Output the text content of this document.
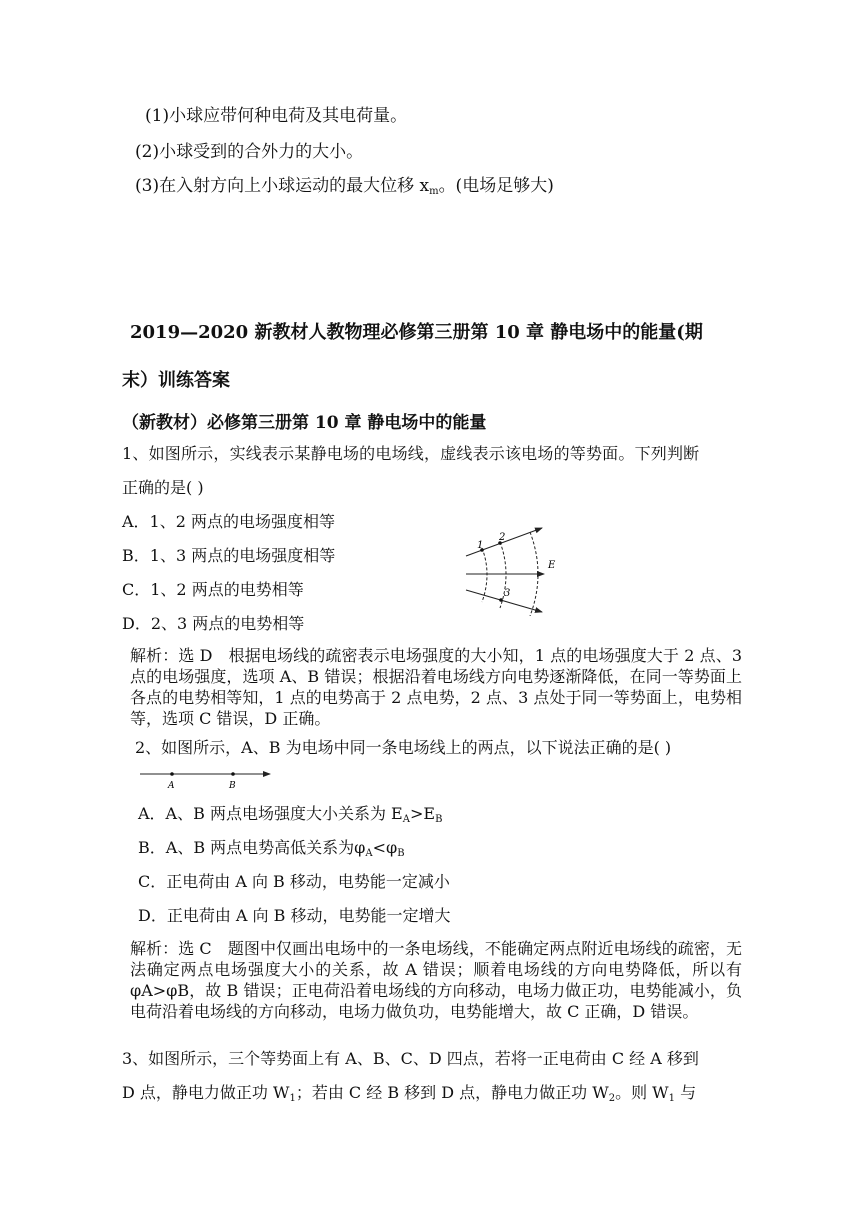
(1)小球应带何种电荷及其电荷量。
(2)小球受到的合外力的大小。
(3)在入射方向上小球运动的最大位移 $x_m$。(电场足够大)
2019—2020 新教材人教物理必修第三册第 10 章 静电场中的能量(期
末）训练答案
（新教材）必修第三册第 10 章 静电场中的能量
1、如图所示，实线表示某静电场的电场线，虚线表示该电场的等势面。下列判断
正确的是( )
A．1、2 两点的电场强度相等
B．1、3 两点的电场强度相等
C．1、2 两点的电势相等
D．2、3 两点的电势相等
1
2
3
E
解析：选 D　根据电场线的疏密表示电场强度的大小知，1 点的电场强度大于 2 点、3 点的电场强度，选项 A、B 错误；根据沿着电场线方向电势逐渐降低，在同一等势面上各点的电势相等知，1 点的电势高于 2 点电势，2 点、3 点处于同一等势面上，电势相等，选项 C 错误，D 正确。
2、如图所示，A、B 为电场中同一条电场线上的两点，以下说法正确的是( )
A	B
A．A、B 两点电场强度大小关系为 $E_A>E_B$
B．A、B 两点电势高低关系为$\varphi_A<\varphi_B$
C．正电荷由 A 向 B 移动，电势能一定减小
D．正电荷由 A 向 B 移动，电势能一定增大
解析：选 C　题图中仅画出电场中的一条电场线，不能确定两点附近电场线的疏密，无法确定两点电场强度大小的关系，故 A 错误；顺着电场线的方向电势降低，所以有φA>φB，故 B 错误；正电荷沿着电场线的方向移动，电场力做正功，电势能减小，负电荷沿着电场线的方向移动，电场力做负功，电势能增大，故 C 正确，D 错误。
3、如图所示，三个等势面上有 A、B、C、D 四点，若将一正电荷由 C 经 A 移到
D 点，静电力做正功 $W_1$；若由 C 经 B 移到 D 点，静电力做正功 $W_2$。则 $W_1$ 与
